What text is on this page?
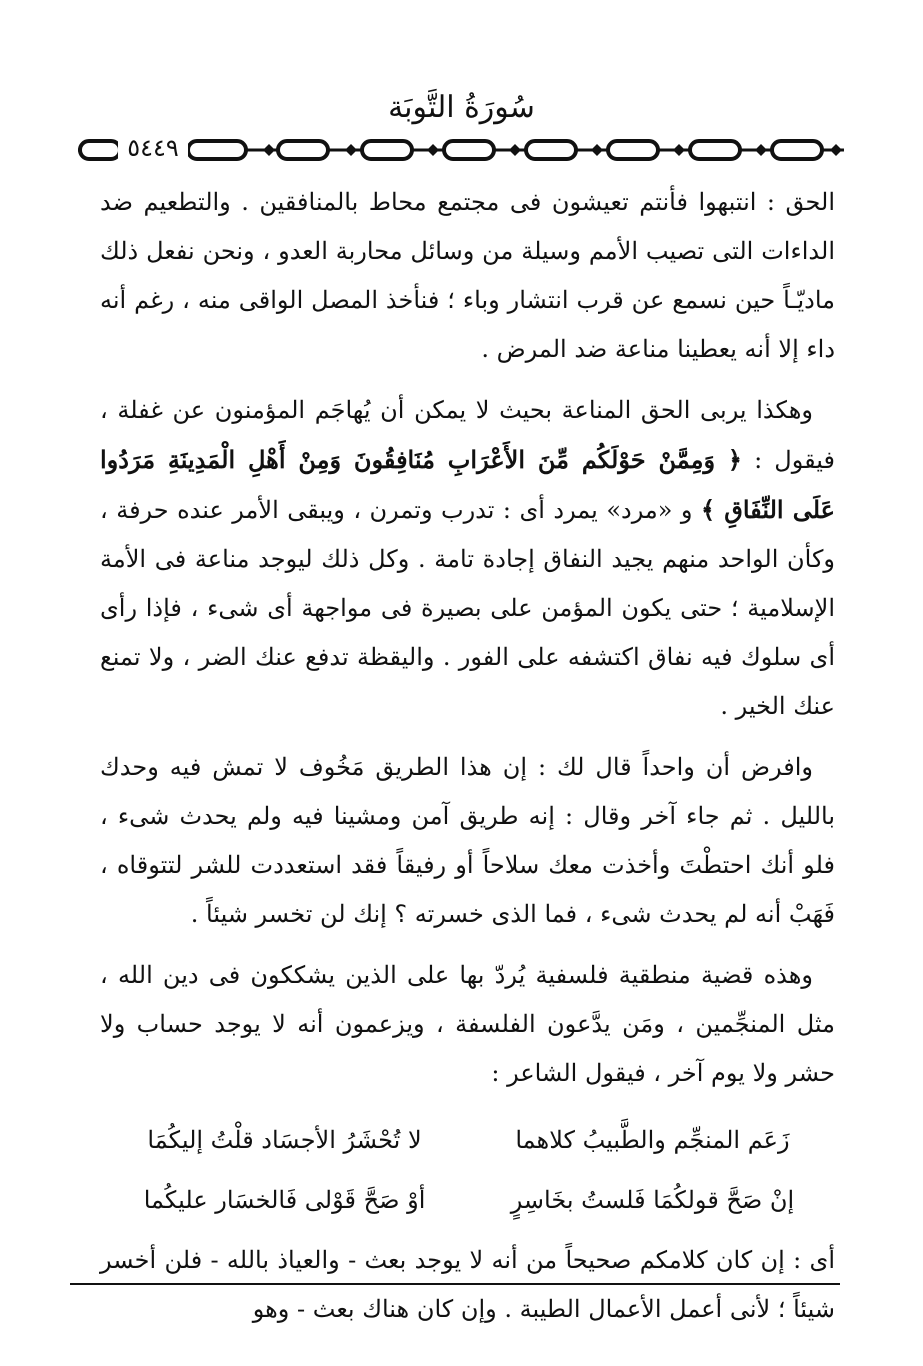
سُورَةُ التَّوبَة
٥٤٤٩

الحق : انتبهوا فأنتم تعيشون فى مجتمع محاط بالمنافقين . والتطعيم ضد الداءات التى تصيب الأمم وسيلة من وسائل محاربة العدو ، ونحن نفعل ذلك ماديّـاً حين نسمع عن قرب انتشار وباء ؛ فنأخذ المصل الواقى منه ، رغم أنه داء إلا أنه يعطينا مناعة ضد المرض .

وهكذا يربى الحق المناعة بحيث لا يمكن أن يُهاجَم المؤمنون عن غفلة ، فيقول : ﴿ وَمِمَّنْ حَوْلَكُم مِّنَ الأَعْرَابِ مُنَافِقُونَ وَمِنْ أَهْلِ الْمَدِينَةِ مَرَدُوا عَلَى النِّفَاقِ ﴾ و «مرد» يمرد أى : تدرب وتمرن ، ويبقى الأمر عنده حرفة ، وكأن الواحد منهم يجيد النفاق إجادة تامة . وكل ذلك ليوجد مناعة فى الأمة الإسلامية ؛ حتى يكون المؤمن على بصيرة فى مواجهة أى شىء ، فإذا رأى أى سلوك فيه نفاق اكتشفه على الفور . واليقظة تدفع عنك الضر ، ولا تمنع عنك الخير .

وافرض أن واحداً قال لك : إن هذا الطريق مَخُوف لا تمش فيه وحدك بالليل . ثم جاء آخر وقال : إنه طريق آمن ومشينا فيه ولم يحدث شىء ، فلو أنك احتطْتَ وأخذت معك سلاحاً أو رفيقاً فقد استعددت للشر لتتوقاه ، فَهَبْ أنه لم يحدث شىء ، فما الذى خسرته ؟ إنك لن تخسر شيئاً .

وهذه قضية منطقية فلسفية يُردّ بها على الذين يشككون فى دين الله ، مثل المنجِّمين ، ومَن يدَّعون الفلسفة ، ويزعمون أنه لا يوجد حساب ولا حشر ولا يوم آخر ، فيقول الشاعر :

زَعَم المنجِّم والطَّبيبُ كلاهما
لا تُحْشَرُ الأجسَاد قلْتُ إليكُمَا
إنْ صَحَّ قولكُمَا فَلستُ بخَاسِرٍ
أوْ صَحَّ قَوْلى فَالخسَار عليكُما

أى : إن كان كلامكم صحيحاً من أنه لا يوجد بعث - والعياذ بالله - فلن أخسر شيئاً ؛ لأنى أعمل الأعمال الطيبة . وإن كان هناك بعث - وهو
